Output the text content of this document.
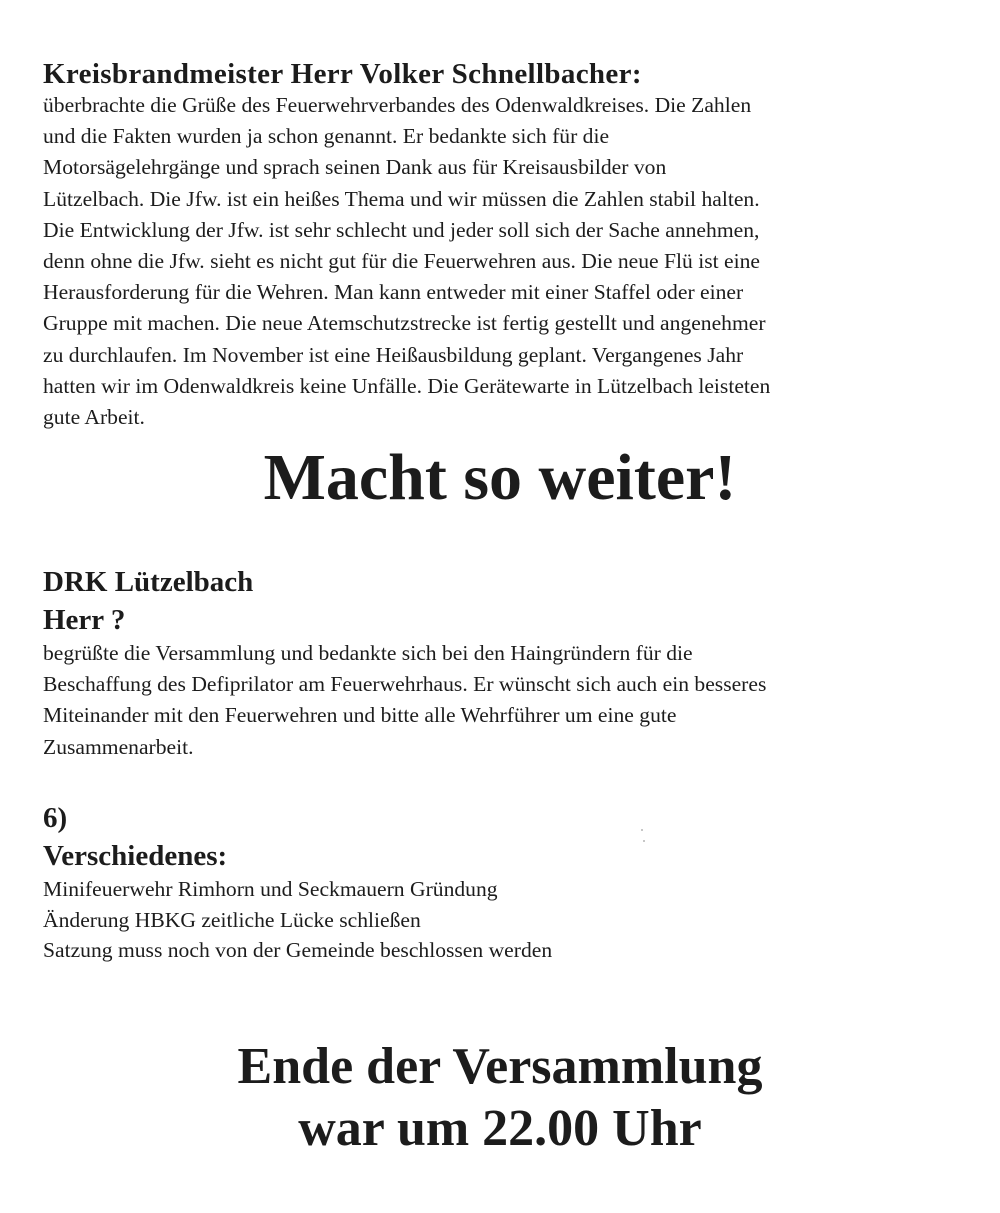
Kreisbrandmeister Herr Volker Schnellbacher:

überbrachte die Grüße des Feuerwehrverbandes des Odenwaldkreises. Die Zahlen

und die Fakten wurden ja schon genannt. Er bedankte sich für die

Motorsägelehrgänge und sprach seinen Dank aus für Kreisausbilder von

Lützelbach. Die Jfw. ist ein heißes Thema und wir müssen die Zahlen stabil halten.

Die Entwicklung der Jfw. ist sehr schlecht und jeder soll sich der Sache annehmen,

denn ohne die Jfw. sieht es nicht gut für die Feuerwehren aus. Die neue Flü ist eine

Herausforderung für die Wehren. Man kann entweder mit einer Staffel oder einer

Gruppe mit machen. Die neue Atemschutzstrecke ist fertig gestellt und angenehmer

zu durchlaufen. Im November ist eine Heißausbildung geplant. Vergangenes Jahr

hatten wir im Odenwaldkreis keine Unfälle. Die Gerätewarte in Lützelbach leisteten

gute Arbeit.

Macht so weiter!

DRK Lützelbach

Herr ?

begrüßte die Versammlung und bedankte sich bei den Haingründern für die

Beschaffung des Defiprilator am Feuerwehrhaus. Er wünscht sich auch ein besseres

Miteinander mit den Feuerwehren und bitte alle Wehrführer um eine gute

Zusammenarbeit.

6)

Verschiedenes:

Minifeuerwehr Rimhorn und Seckmauern Gründung

Änderung HBKG zeitliche Lücke schließen

Satzung muss noch von der Gemeinde beschlossen werden

Ende der Versammlung
war um 22.00 Uhr
